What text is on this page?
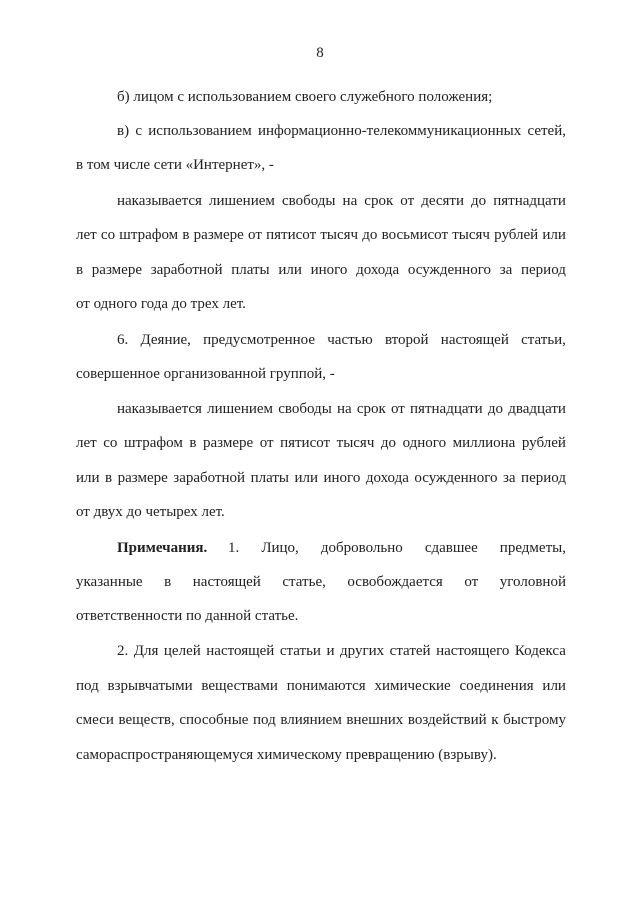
8
б) лицом с использованием своего служебного положения;
в) с использованием информационно-телекоммуникационных сетей,
в том числе сети «Интернет», -
наказывается лишением свободы на срок от десяти до пятнадцати
лет со штрафом в размере от пятисот тысяч до восьмисот тысяч рублей или
в размере заработной платы или иного дохода осужденного за период
от одного года до трех лет.
6. Деяние, предусмотренное частью второй настоящей статьи,
совершенное организованной группой, -
наказывается лишением свободы на срок от пятнадцати до двадцати
лет со штрафом в размере от пятисот тысяч до одного миллиона рублей
или в размере заработной платы или иного дохода осужденного за период
от двух до четырех лет.
Примечания. 1. Лицо, добровольно сдавшее предметы,
указанные в настоящей статье, освобождается от уголовной
ответственности по данной статье.
2. Для целей настоящей статьи и других статей настоящего Кодекса
под взрывчатыми веществами понимаются химические соединения или
смеси веществ, способные под влиянием внешних воздействий к быстрому
самораспространяющемуся химическому превращению (взрыву).
